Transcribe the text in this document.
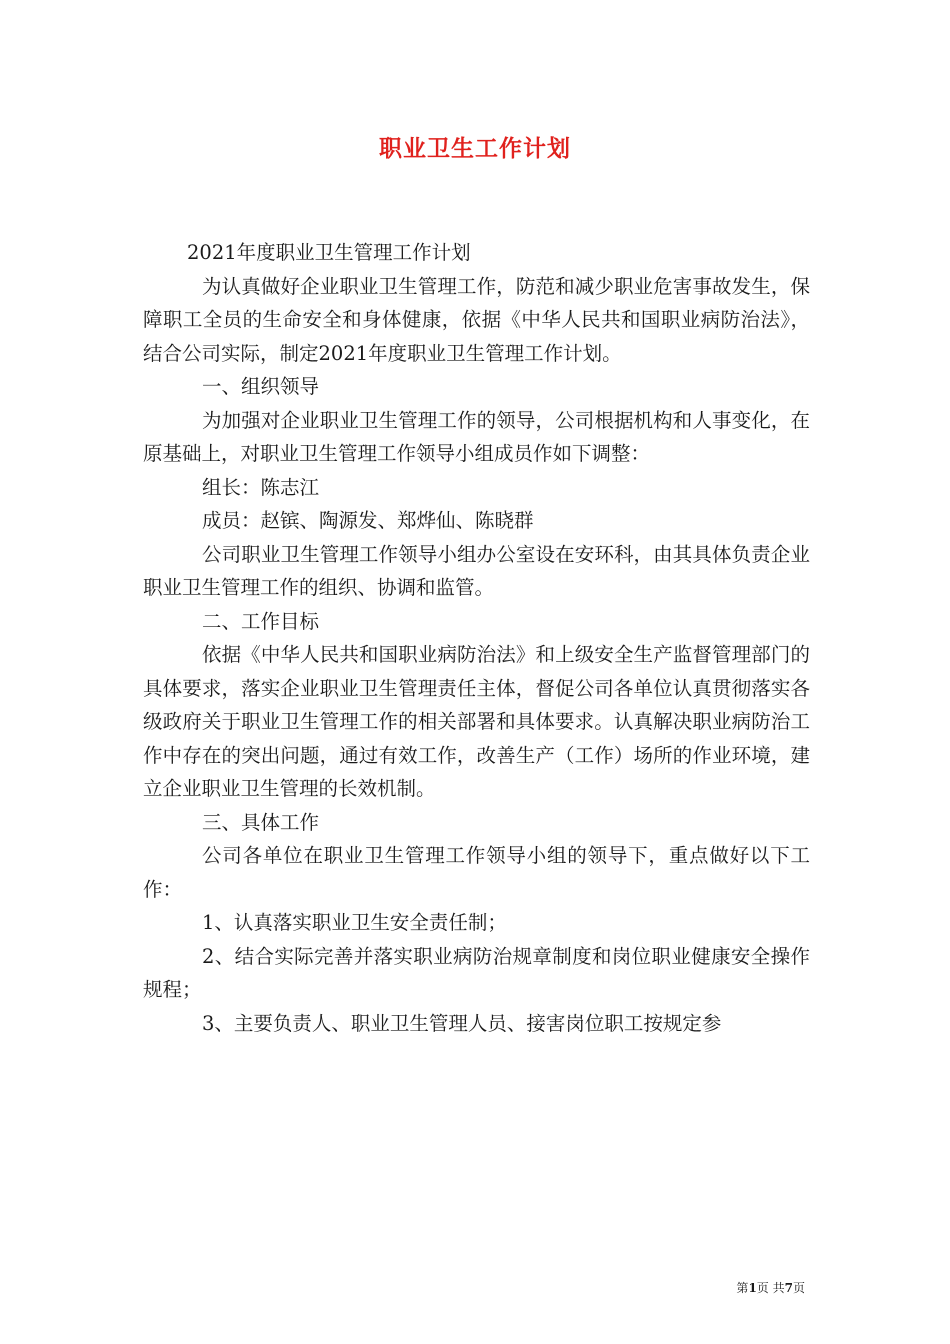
职业卫生工作计划

2021年度职业卫生管理工作计划

为认真做好企业职业卫生管理工作，防范和减少职业危害事故发生，保障职工全员的生命安全和身体健康，依据《中华人民共和国职业病防治法》，结合公司实际，制定2021年度职业卫生管理工作计划。

一、组织领导

为加强对企业职业卫生管理工作的领导，公司根据机构和人事变化，在原基础上，对职业卫生管理工作领导小组成员作如下调整：

组长：陈志江

成员：赵镔、陶源发、郑烨仙、陈晓群

公司职业卫生管理工作领导小组办公室设在安环科，由其具体负责企业职业卫生管理工作的组织、协调和监管。

二、工作目标

依据《中华人民共和国职业病防治法》和上级安全生产监督管理部门的具体要求，落实企业职业卫生管理责任主体，督促公司各单位认真贯彻落实各级政府关于职业卫生管理工作的相关部署和具体要求。认真解决职业病防治工作中存在的突出问题，通过有效工作，改善生产（工作）场所的作业环境，建立企业职业卫生管理的长效机制。

三、具体工作

公司各单位在职业卫生管理工作领导小组的领导下，重点做好以下工作：

1、认真落实职业卫生安全责任制；

2、结合实际完善并落实职业病防治规章制度和岗位职业健康安全操作规程；

3、主要负责人、职业卫生管理人员、接害岗位职工按规定参

第1页 共7页
